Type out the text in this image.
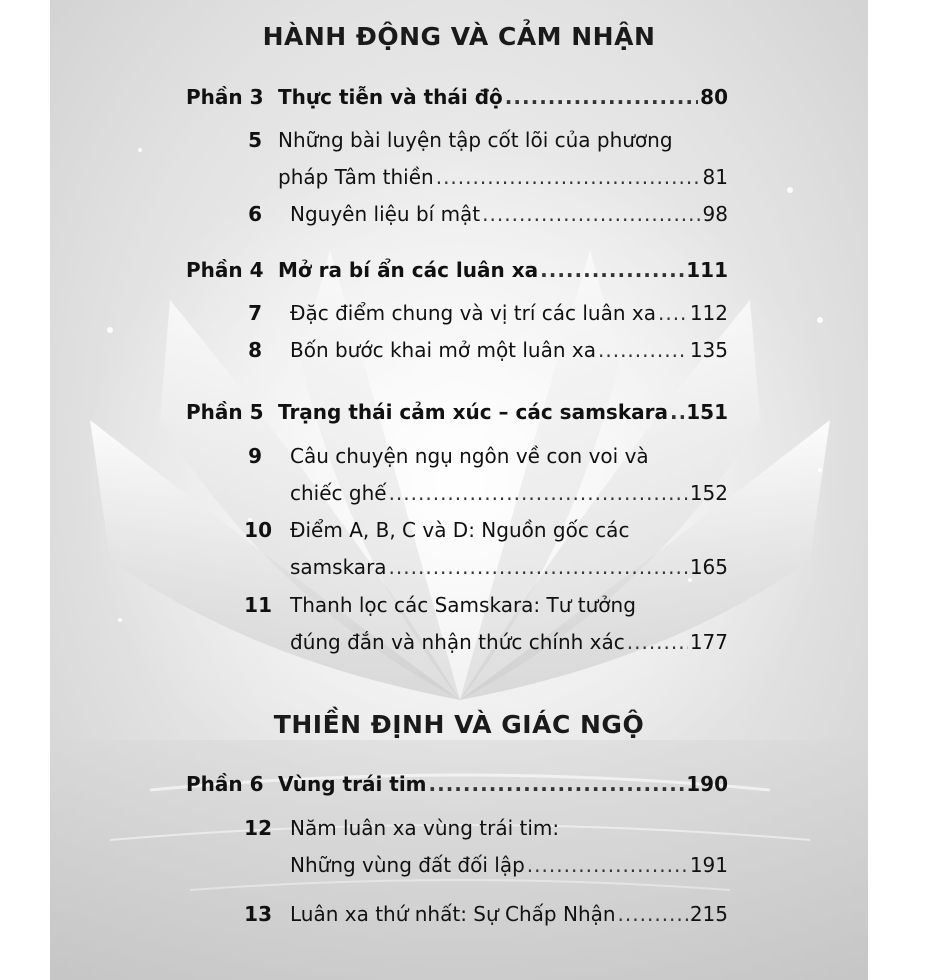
HÀNH ĐỘNG VÀ CẢM NHẬN
Phần 3 Thực tiễn và thái độ .....	80
5 Những bài luyện tập cốt lõi của phương
pháp Tâm thiền .....	81
6 Nguyên liệu bí mật .....	98
Phần 4 Mở ra bí ẩn các luân xa .....	111
7 Đặc điểm chung và vị trí các luân xa ..... 112
8 Bốn bước khai mở một luân xa .....	135
Phần 5 Trạng thái cảm xúc – các samskara ..... 151
9 Câu chuyện ngụ ngôn về con voi và
chiếc ghế .....	152
10 Điểm A, B, C và D: Nguồn gốc các
samskara .....	165
11 Thanh lọc các Samskara: Tư tưởng
đúng đắn và nhận thức chính xác .....	177
THIỀN ĐỊNH VÀ GIÁC NGỘ
Phần 6 Vùng trái tim .....	190
12 Năm luân xa vùng trái tim:
Những vùng đất đối lập .....	191
13 Luân xa thứ nhất: Sự Chấp Nhận .....	215
